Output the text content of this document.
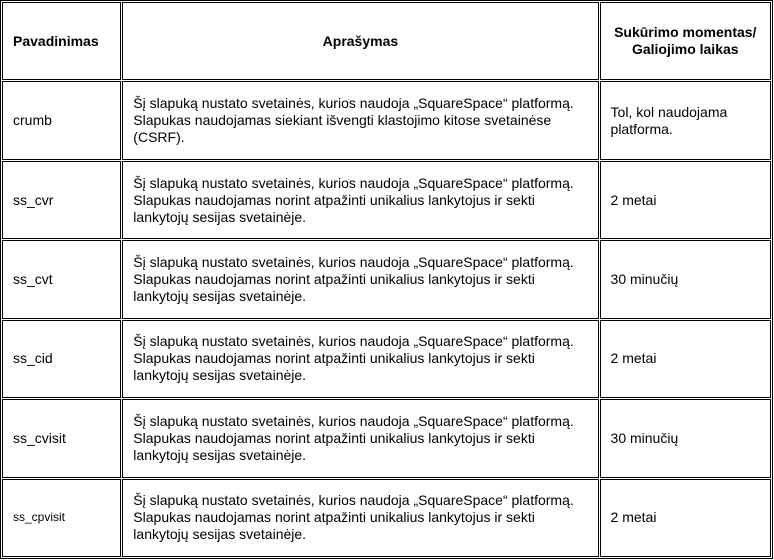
Pavadinimas	Aprašymas	Sukūrimo momentas/ Galiojimo laikas
crumb	Šį slapuką nustato svetainės, kurios naudoja „SquareSpace“ platformą. Slapukas naudojamas siekiant išvengti klastojimo kitose svetainėse (CSRF).	Tol, kol naudojama platforma.
ss_cvr	Šį slapuką nustato svetainės, kurios naudoja „SquareSpace“ platformą. Slapukas naudojamas norint atpažinti unikalius lankytojus ir sekti lankytojų sesijas svetainėje.	2 metai
ss_cvt	Šį slapuką nustato svetainės, kurios naudoja „SquareSpace“ platformą. Slapukas naudojamas norint atpažinti unikalius lankytojus ir sekti lankytojų sesijas svetainėje.	30 minučių
ss_cid	Šį slapuką nustato svetainės, kurios naudoja „SquareSpace“ platformą. Slapukas naudojamas norint atpažinti unikalius lankytojus ir sekti lankytojų sesijas svetainėje.	2 metai
ss_cvisit	Šį slapuką nustato svetainės, kurios naudoja „SquareSpace“ platformą. Slapukas naudojamas norint atpažinti unikalius lankytojus ir sekti lankytojų sesijas svetainėje.	30 minučių
ss_cpvisit	Šį slapuką nustato svetainės, kurios naudoja „SquareSpace“ platformą. Slapukas naudojamas norint atpažinti unikalius lankytojus ir sekti lankytojų sesijas svetainėje.	2 metai
